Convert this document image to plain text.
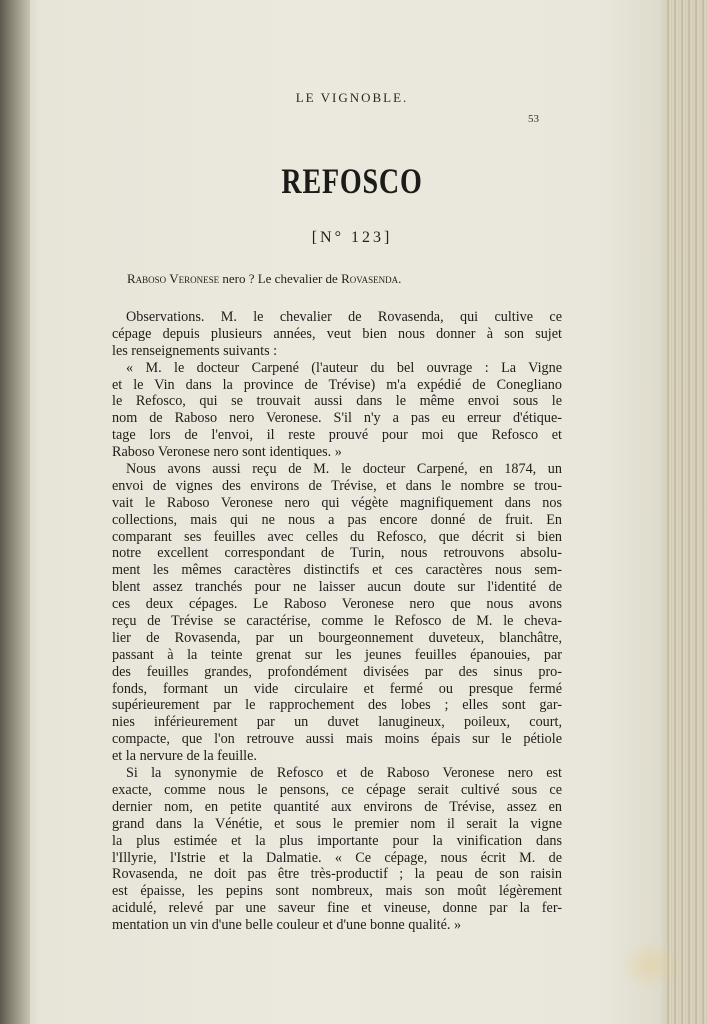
LE VIGNOBLE.
53
REFOSCO
[N° 123]
Raboso Veronese nero ? Le chevalier de Rovasenda.
Observations. M. le chevalier de Rovasenda, qui cultive ce
cépage depuis plusieurs années, veut bien nous donner à son sujet
les renseignements suivants :
« M. le docteur Carpené (l'auteur du bel ouvrage : La Vigne
et le Vin dans la province de Trévise) m'a expédié de Conegliano
le Refosco, qui se trouvait aussi dans le même envoi sous le
nom de Raboso nero Veronese. S'il n'y a pas eu erreur d'étique-
tage lors de l'envoi, il reste prouvé pour moi que Refosco et
Raboso Veronese nero sont identiques. »
Nous avons aussi reçu de M. le docteur Carpené, en 1874, un
envoi de vignes des environs de Trévise, et dans le nombre se trou-
vait le Raboso Veronese nero qui végète magnifiquement dans nos
collections, mais qui ne nous a pas encore donné de fruit. En
comparant ses feuilles avec celles du Refosco, que décrit si bien
notre excellent correspondant de Turin, nous retrouvons absolu-
ment les mêmes caractères distinctifs et ces caractères nous sem-
blent assez tranchés pour ne laisser aucun doute sur l'identité de
ces deux cépages. Le Raboso Veronese nero que nous avons
reçu de Trévise se caractérise, comme le Refosco de M. le cheva-
lier de Rovasenda, par un bourgeonnement duveteux, blanchâtre,
passant à la teinte grenat sur les jeunes feuilles épanouies, par
des feuilles grandes, profondément divisées par des sinus pro-
fonds, formant un vide circulaire et fermé ou presque fermé
supérieurement par le rapprochement des lobes ; elles sont gar-
nies inférieurement par un duvet lanugineux, poileux, court,
compacte, que l'on retrouve aussi mais moins épais sur le pétiole
et la nervure de la feuille.
Si la synonymie de Refosco et de Raboso Veronese nero est
exacte, comme nous le pensons, ce cépage serait cultivé sous ce
dernier nom, en petite quantité aux environs de Trévise, assez en
grand dans la Vénétie, et sous le premier nom il serait la vigne
la plus estimée et la plus importante pour la vinification dans
l'Illyrie, l'Istrie et la Dalmatie. « Ce cépage, nous écrit M. de
Rovasenda, ne doit pas être très-productif ; la peau de son raisin
est épaisse, les pepins sont nombreux, mais son moût légèrement
acidulé, relevé par une saveur fine et vineuse, donne par la fer-
mentation un vin d'une belle couleur et d'une bonne qualité. »
